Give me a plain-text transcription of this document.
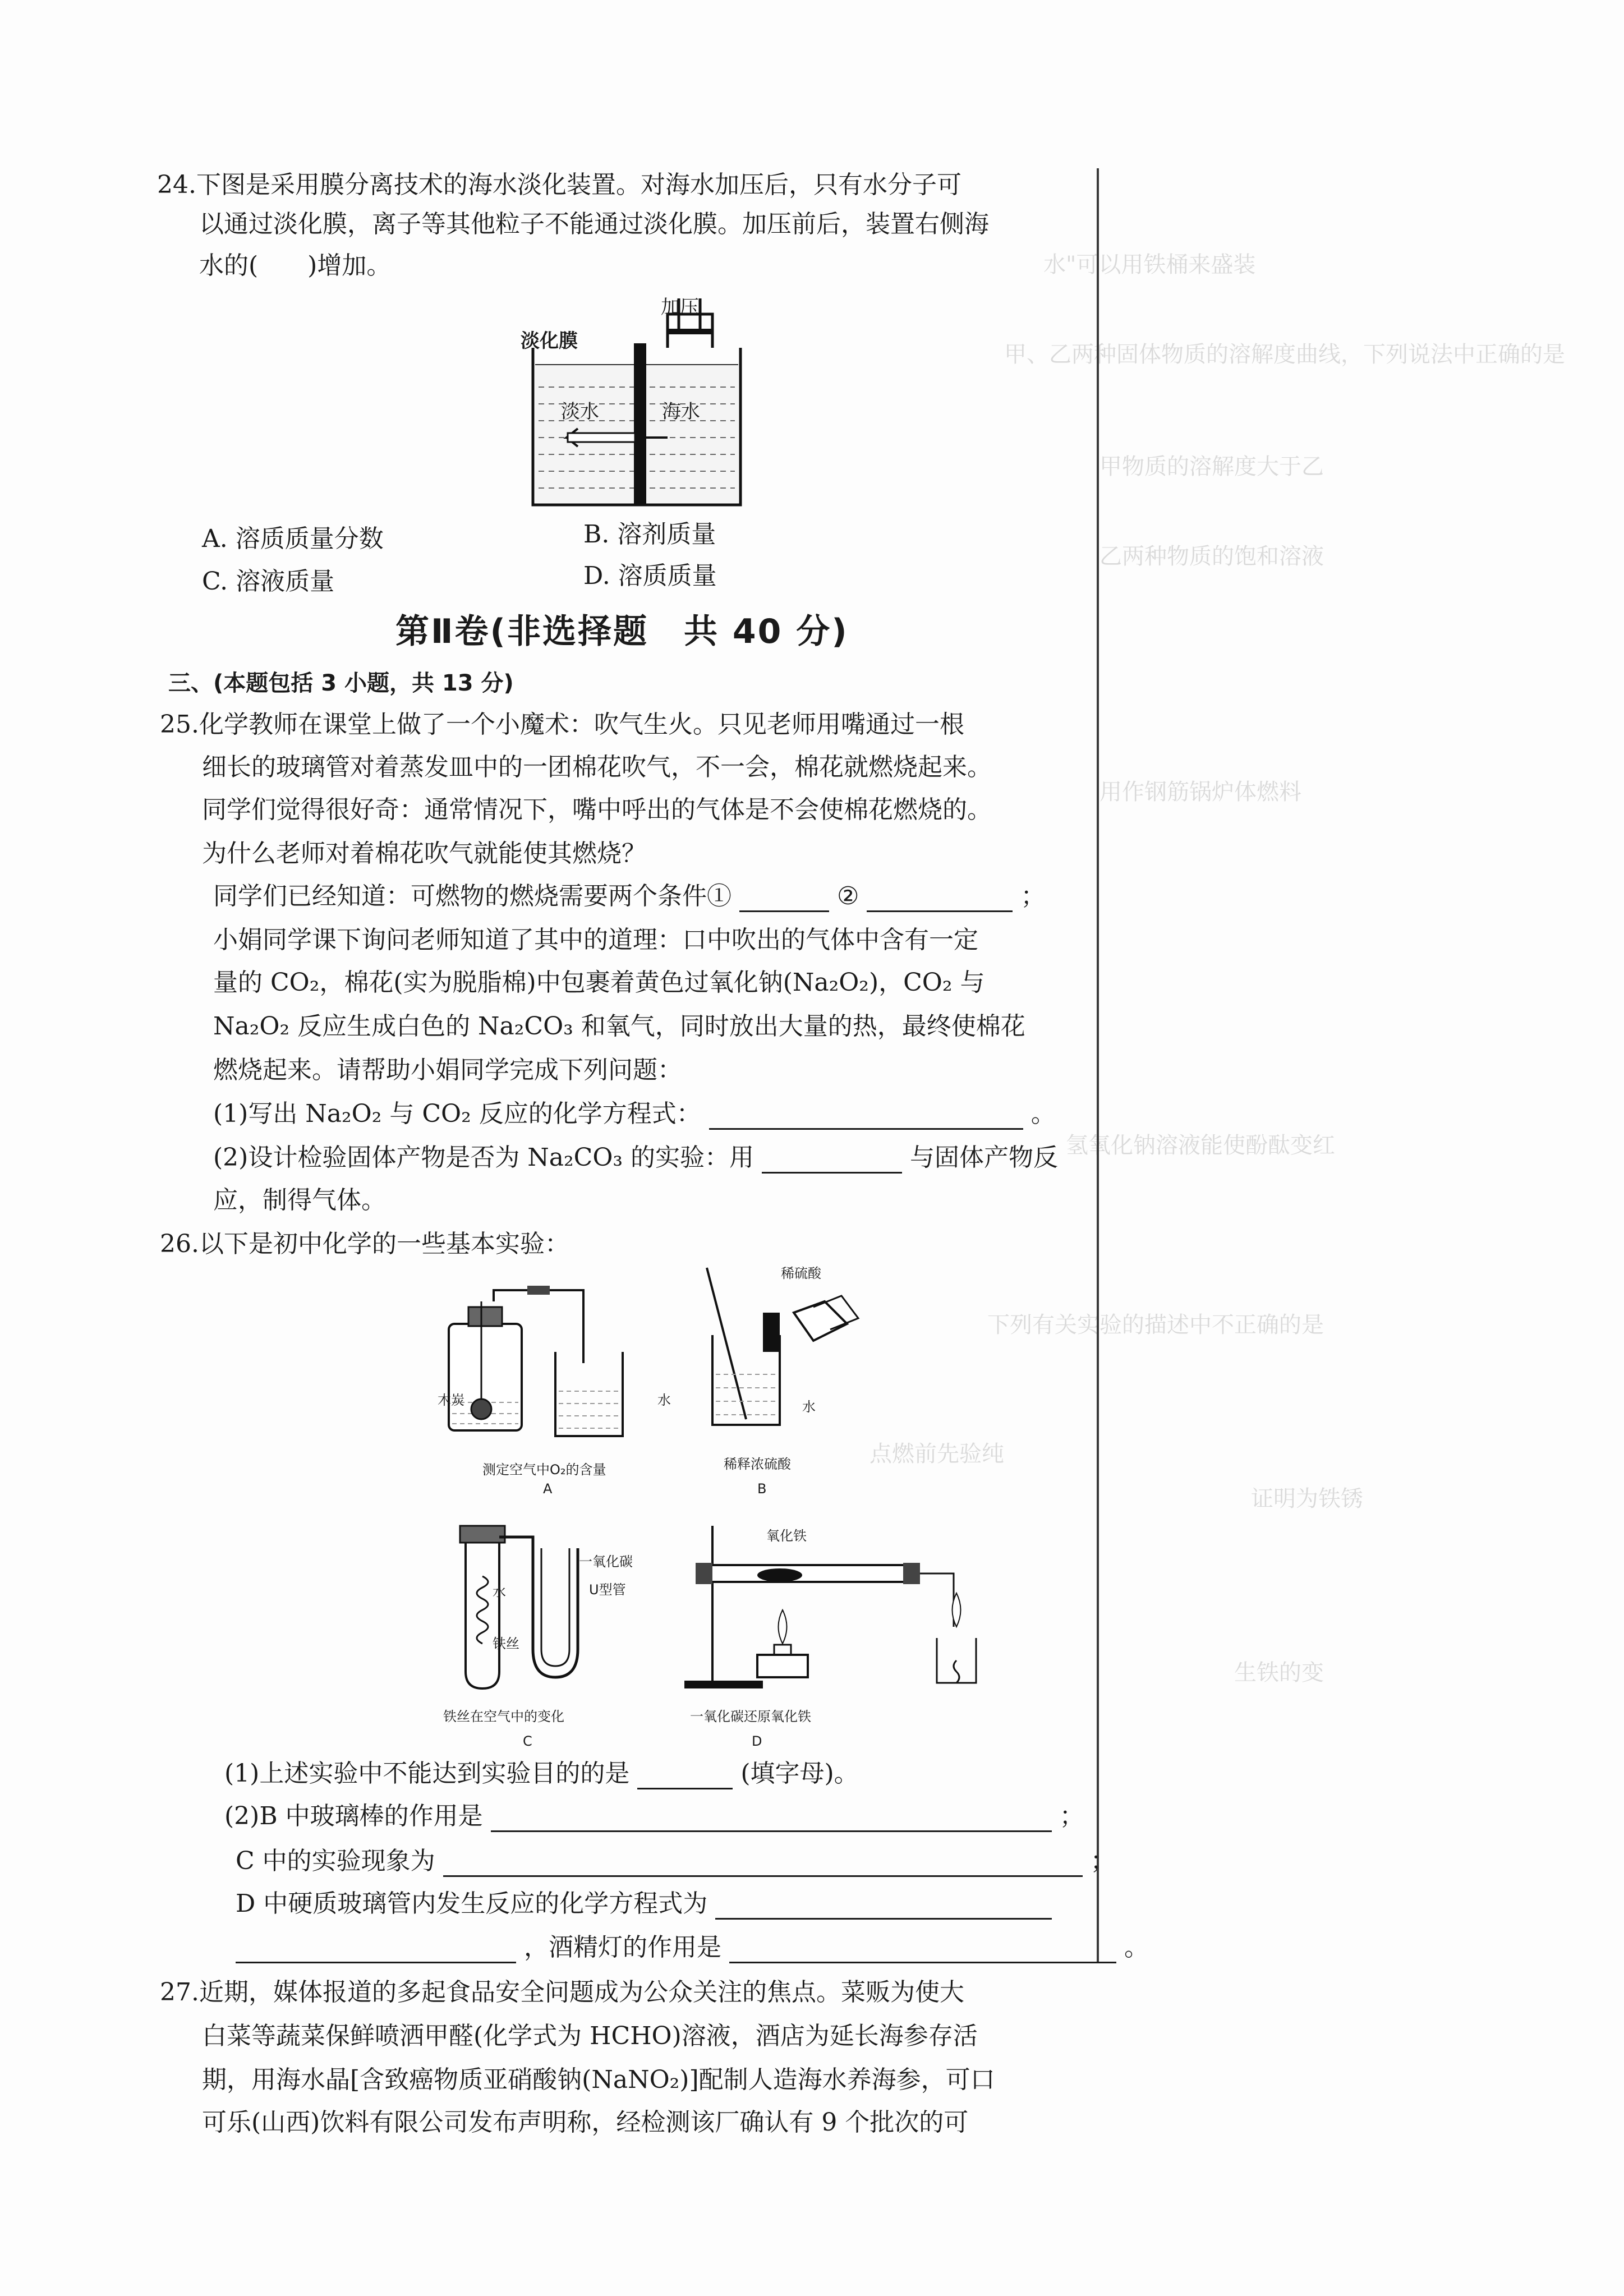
水"可以用铁桶来盛装
甲、乙两种固体物质的溶解度曲线，下列说法中正确的是
甲物质的溶解度大于乙
乙两种物质的饱和溶液
用作钢筋锅炉体燃料
氢氧化钠溶液能使酚酞变红
下列有关实验的描述中不正确的是
点燃前先验纯
证明为铁锈
生铁的变
24.下图是采用膜分离技术的海水淡化装置。对海水加压后，只有水分子可
以通过淡化膜，离子等其他粒子不能通过淡化膜。加压前后，装置右侧海
水的(　　)增加。
加压
淡化膜
淡水	海水
A. 溶质质量分数	B. 溶剂质量
C. 溶液质量	D. 溶质质量
第Ⅱ卷(非选择题　共 40 分)
三、(本题包括 3 小题，共 13 分)
25.化学教师在课堂上做了一个小魔术：吹气生火。只见老师用嘴通过一根
细长的玻璃管对着蒸发皿中的一团棉花吹气，不一会，棉花就燃烧起来。
同学们觉得很好奇：通常情况下，嘴中呼出的气体是不会使棉花燃烧的。
为什么老师对着棉花吹气就能使其燃烧？
同学们已经知道：可燃物的燃烧需要两个条件①	②	；
小娟同学课下询问老师知道了其中的道理：口中吹出的气体中含有一定
量的 CO₂，棉花(实为脱脂棉)中包裹着黄色过氧化钠(Na₂O₂)，CO₂ 与
Na₂O₂ 反应生成白色的 Na₂CO₃ 和氧气，同时放出大量的热，最终使棉花
燃烧起来。请帮助小娟同学完成下列问题：
(1)写出 Na₂O₂ 与 CO₂ 反应的化学方程式：	。
(2)设计检验固体产物是否为 Na₂CO₃ 的实验：用	与固体产物反
应，制得气体。
26.以下是初中化学的一些基本实验：
木炭	水
测定空气中O₂的含量
A
稀硫酸
水
稀释浓硫酸
B
水	U型管
铁丝
铁丝在空气中的变化
C
一氧化碳
氧化铁
一氧化碳还原氧化铁
D
(1)上述实验中不能达到实验目的的是	(填字母)。
(2)B 中玻璃棒的作用是	；
C 中的实验现象为	；
D 中硬质玻璃管内发生反应的化学方程式为
，酒精灯的作用是	。
27.近期，媒体报道的多起食品安全问题成为公众关注的焦点。菜贩为使大
白菜等蔬菜保鲜喷洒甲醛(化学式为 HCHO)溶液，酒店为延长海参存活
期，用海水晶[含致癌物质亚硝酸钠(NaNO₂)]配制人造海水养海参，可口
可乐(山西)饮料有限公司发布声明称，经检测该厂确认有 9 个批次的可
